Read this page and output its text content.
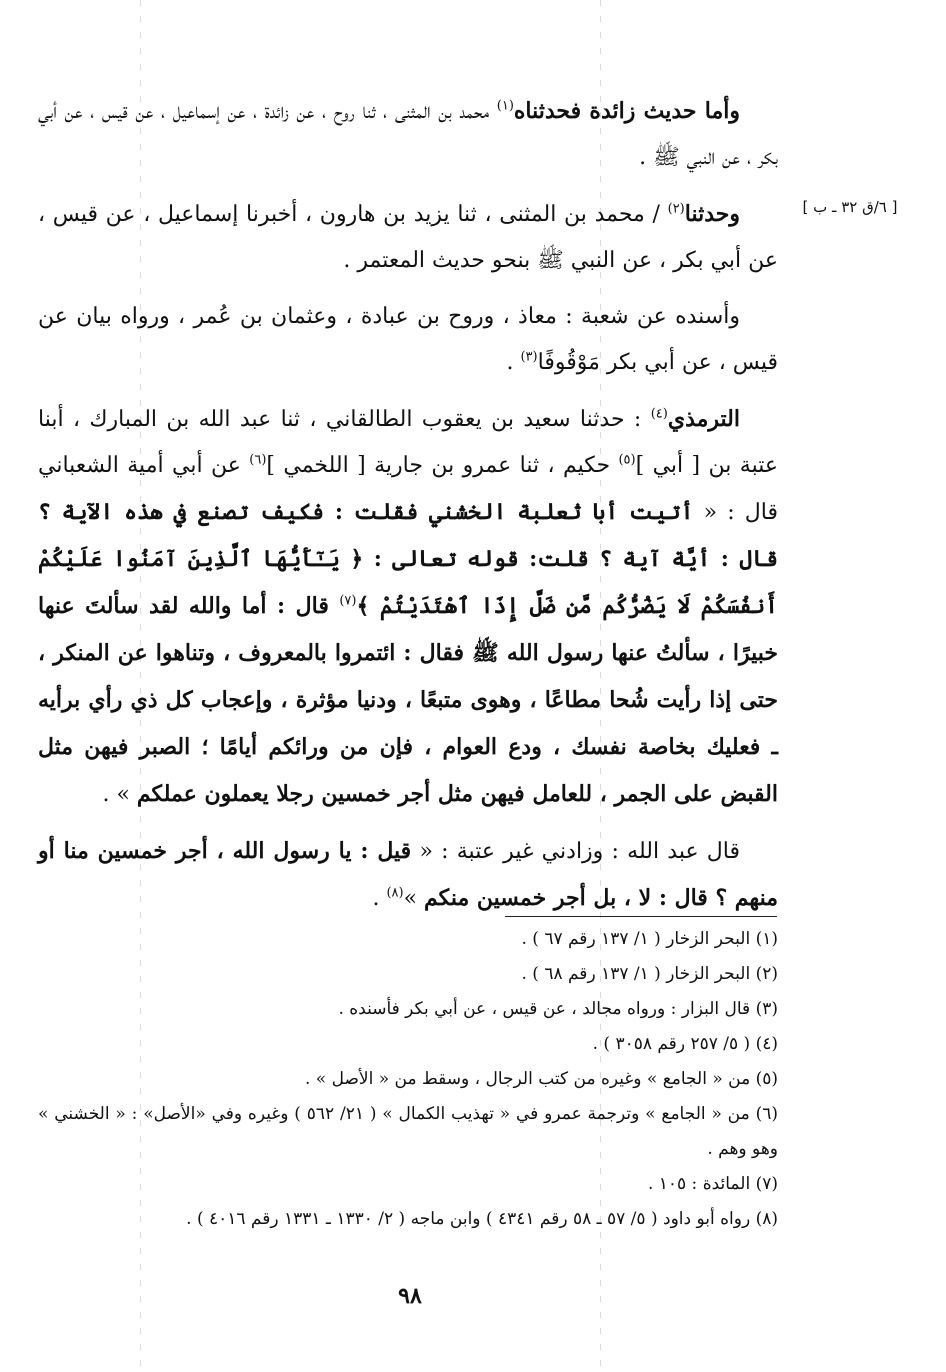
[ ٦/ق ٣٢ ـ ب ]

وأما حديث زائدة فحدثناه$^{(١)}$ محمد بن المثنى ، ثنا روح ، عن زائدة ، عن إسماعيل ، عن قيس ، عن أبي بكر ، عن النبي ﷺ .

وحدثنا$^{(٢)}$ / محمد بن المثنى ، ثنا يزيد بن هارون ، أخبرنا إسماعيل ، عن قيس ، عن أبي بكر ، عن النبي ﷺ بنحو حديث المعتمر .

وأسنده عن شعبة : معاذ ، وروح بن عبادة ، وعثمان بن عُمر ، ورواه بيان عن قيس ، عن أبي بكر مَوْقُوفًا$^{(٣)}$ .

الترمذي$^{(٤)}$ : حدثنا سعيد بن يعقوب الطالقاني ، ثنا عبد الله بن المبارك ، أبنا عتبة بن [ أبي ]$^{(٥)}$ حكيم ، ثنا عمرو بن جارية [ اللخمي ]$^{(٦)}$ عن أبي أمية الشعباني قال : « أتيت أبا ثعلبة الخشني فقلت : فكيف تصنع في هذه الآية ؟ قال : أيَّة آية ؟ قلت: قوله تعالى : ﴿ يَـٰٓأَيُّهَا ٱلَّذِينَ آمَنُوا عَلَيْكُمْ أَنفُسَكُمْ لَا يَضُرُّكُم مَّن ضَلَّ إِذَا ٱهْتَدَيْتُمْ ﴾$^{(٧)}$ قال : أما والله لقد سألتَ عنها خبيرًا ، سألتُ عنها رسول الله ﷺ فقال : ائتمروا بالمعروف ، وتناهوا عن المنكر ، حتى إذا رأيت شُحا مطاعًا ، وهوى متبعًا ، ودنيا مؤثرة ، وإعجاب كل ذي رأي برأيه ـ فعليك بخاصة نفسك ، ودع العوام ، فإن من ورائكم أيامًا ؛ الصبر فيهن مثل القبض على الجمر ، للعامل فيهن مثل أجر خمسين رجلا يعملون عملكم » .

قال عبد الله : وزادني غير عتبة : « قيل : يا رسول الله ، أجر خمسين منا أو منهم ؟ قال : لا ، بل أجر خمسين منكم »$^{(٨)}$ .

(١) البحر الزخار ( ١/ ١٣٧ رقم ٦٧ ) .

(٢) البحر الزخار ( ١/ ١٣٧ رقم ٦٨ ) .

(٣) قال البزار : ورواه مجالد ، عن قيس ، عن أبي بكر فأسنده .

(٤) ( ٥/ ٢٥٧ رقم ٣٠٥٨ ) .

(٥) من « الجامع » وغيره من كتب الرجال ، وسقط من « الأصل » .

(٦) من « الجامع » وترجمة عمرو في « تهذيب الكمال » ( ٢١/ ٥٦٢ ) وغيره وفي «الأصل» : « الخشني » وهو وهم .

(٧) المائدة : ١٠٥ .

(٨) رواه أبو داود ( ٥/ ٥٧ ـ ٥٨ رقم ٤٣٤١ ) وابن ماجه ( ٢/ ١٣٣٠ ـ ١٣٣١ رقم ٤٠١٦ ) .

٩٨
